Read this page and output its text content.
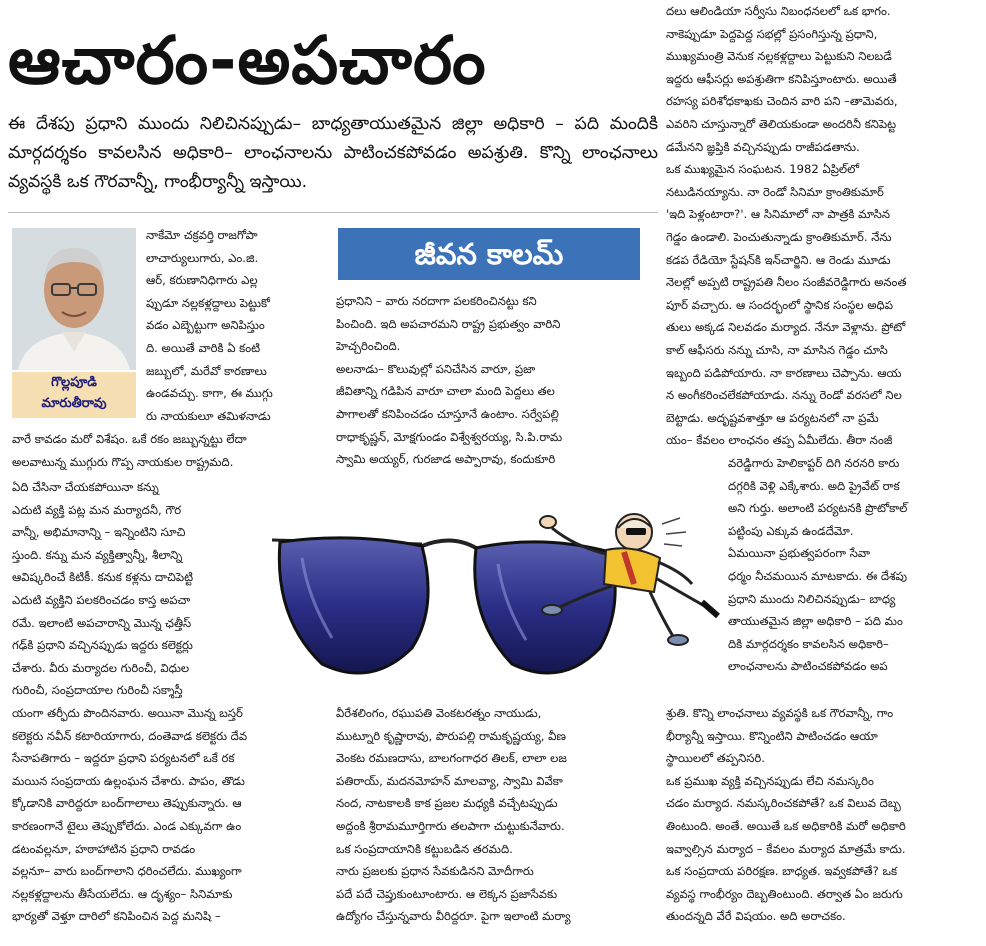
ఆచారం-అపచారం
ఈ దేశపు ప్రధాని ముందు నిలిచినప్పుడు– బాధ్యతాయుతమైన జిల్లా అధికారి – పది మందికి మార్గదర్శకం కావలసిన అధికారి– లాంఛనాలను పాటించకపోవడం అపశ్రుతి. కొన్ని లాంఛనాలు వ్యవస్థకి ఒక గౌరవాన్నీ, గాంభీర్యాన్నీ ఇస్తాయి.
గొల్లపూడి
మారుతీరావు
నాకేమో చక్రవర్తి రాజగోపా
లాచార్యులుగారు, ఎం.జి.
ఆర్‌, కరుణానిధిగారు ఎల్ల
ప్పుడూ నల్లకళ్లద్దాలు పెట్టుకో
వడం ఎబ్బెట్టుగా అనిపిస్తుం
ది. అయితే వారికి ఏ కంటి
జబ్బులో, మరేవో కారణాలు
ఉండవచ్చు. కాగా, ఈ ముగ్గు
రు నాయకులూ తమిళనాడు
వారే కావడం మరో విశేషం. ఒకే రకం జబ్బున్నట్టు లేదా
అలవాటున్న ముగ్గురు గొప్ప నాయకుల రాష్ట్రమది.
ఏది చేసినా చేయకపోయినా కన్ను
ఎదుటి వ్యక్తి పట్ల మన మర్యాదనీ, గౌర
వాన్నీ, అభిమానాన్ని – ఇన్నింటిని సూచి
స్తుంది. కన్ను మన వ్యక్తిత్వాన్నీ, శీలాన్ని
ఆవిష్కరించే కిటికీ. కనుక కళ్లను దాచిపెట్టి
ఎదుటి వ్యక్తిని పలకరించడం కాస్త అపచా
రమే. ఇలాంటి అపచారాన్ని మొన్న ఛత్తీస్‌
గఢ్‌కి ప్రధాని వచ్చినప్పుడు ఇద్దరు కలెక్టర్లు
చేశారు. వీరు మర్యాదల గురించీ, విధుల
గురించీ, సంప్రదాయాల గురించీ సక్శాస్తీ
యంగా తర్ఫీదు పొందినవారు. అయినా మొన్న బస్తర్‌
కలెక్టరు నవీన్ కటారియాగారు, దంతెవాడ కలెక్టరు దేవ
సేనాపతిగారు – ఇద్దరూ ప్రధాని పర్యటనలో ఒకే రక
మయిన సంప్రదాయ ఉల్లంఘన చేశారు. పాపం, తొడు
క్కోడానికి వారిద్దరూ బంద్‌గాలాలు తెప్పుకున్నారు. ఆ
కారణంగానే టైలు తెప్పుకోలేదు. ఎండ ఎక్కువగా ఉం
డటంవల్లనూ, హఠాహాటిన ప్రధాని రావడం
వల్లనూ– వారు బంద్‌గాలాని ధరించలేదు. ముఖ్యంగా
నల్లకళ్లద్దాలను తీసేయలేదు. ఆ దృశ్యం– సినిమాకు
భార్యతో వెళ్తూ దారిలో కనిపించిన పెద్ద మనిషి –
జీవన కాలమ్
ప్రధానిని – వారు నరదాగా పలకరించినట్టు కని
పించింది. ఇది అపచారమని రాష్ట్ర ప్రభుత్వం వారిని
హెచ్చరించింది.
అలనాడు– కొలువుల్లో పనిచేసిన వారూ, ప్రజా
జీవితాన్ని గడిపిన వారూ చాలా మంది పెద్దలు తల
పాగాలతో కనిపించడం చూస్తూనే ఉంటాం. సర్వేపల్లి
రాధాకృష్ణన్‌, మోక్షగుండం విశ్వేశ్వరయ్య, సి.పి.రామ
స్వామి అయ్యర్‌, గురజాడ అప్పారావు, కందుకూరి
వీరేశలింగం, రఘుపతి వెంకటరత్నం నాయుడు,
ముట్నూరి కృష్ణారావు, పొరుపల్లి రామకృష్ణయ్య, వీణ
వెంకట రమణదాసు, బాలగంగాధర తిలక్‌, లాలా లజ
పతిరాయ్‌, మదనమోహన్‌ మాలవ్యా, స్వామి వివేకా
నంద, నాటకాలకి కాక ప్రజల మధ్యకి వచ్చేటప్పుడు
అద్దంకి శ్రీరామమూర్తిగారు తలపాగా చుట్టుకునేవారు.
ఒక సంప్రదాయానికి కట్టుబడిన తరమది.
నారు ప్రజలకు ప్రధాన సేవకుడినని మోదీగారు
పదే పదే చెప్తుకుంటూంటారు. ఆ లెక్కన ప్రజాసేవకు
ఉద్యోగం చేస్తున్నవారు వీరిద్దరూ. పైగా ఇలాంటి మర్యా
దలు ఆలిండియా సర్వీసు నిబంధనలలో ఒక భాగం.
నాకెప్పుడూ పెద్దపెద్ద సభల్లో ప్రసంగిస్తున్న ప్రధాని,
ముఖ్యమంత్రి వెనుక నల్లకళ్లద్దాలు పెట్టుకుని నిలబడే
ఇద్దరు ఆఫీసర్లు అపశ్రుతిగా కనిపిస్తూంటారు. అయితే
రహస్య పరిశోధకాఖకు చెందిన వారి పని –తామెవరు,
ఎవరిని చూస్తున్నారో తెలియకుండా అందరినీ కనిపెట్ట
డమేనని జ్ఞప్తికి వచ్చినప్పుడు రాజీపడతాను.
ఒక ముఖ్యమైన సంఘటన. 1982 ఏప్రిల్‌లో
నటుడినయ్యాను. నా రెండో సినిమా క్రాంతికుమార్‌
'ఇది పెళ్లంటారా?'. ఆ సినిమాలో నా పాత్రకి మాసిన
గెడ్డం ఉండాలి. పెంచుతున్నాడు క్రాంతికుమార్‌. నేను
కడప రేడియో స్టేషన్‌కి ఇన్‌చార్జిని. ఆ రెండు మూడు
నెలల్లో అప్పటి రాష్ట్రపతి నీలం సంజీవరెడ్డిగారు అనంత
పూర్ వచ్చారు. ఆ సందర్భంలో స్థానిక సంస్థల అధిప
తులు అక్కడ నిలవడం మర్యాద. నేనూ వెళ్లాను. ప్రోటో
కాల్ ఆఫీసరు నన్ను చూసి, నా మాసిన గెడ్డం చూసి
ఇబ్బంది పడిపోయారు. నా కారణాలు చెప్పాను. ఆయ
న అంగీకరించలేకపోయాడు. నన్ను రెండో వరసలో నిల
బెట్టాడు. అదృష్టవశాత్తూ ఆ పర్యటనలో నా ప్రమే
యం– కేవలం లాంఛనం తప్ప ఏమీలేదు. తీరా నంజీ
వరెడ్డిగారు హెలికాప్టర్‌ దిగి నరనరి కారు
దగ్గరికి వెళ్లి ఎక్కేశారు. అది ప్రైవేట్‌ రాక
అని గుర్తు. అలాంటి పర్యటనకి ప్రొటోకాల్‌
పట్టింపు ఎక్కువ ఉండదేమో.
ఏమయినా ప్రభుత్వపరంగా సేవా
ధర్మం నీచమయిన మాటకాదు. ఈ దేశపు
ప్రధాని ముందు నిలిచినప్పుడు– బాధ్య
తాయుతమైన జిల్లా అధికారి – పది మం
దికి మార్గదర్శకం కావలసిన అధికారి–
లాంఛనాలను పాటించకపోవడం అప
శ్రుతి. కొన్ని లాంఛనాలు వ్యవస్థకి ఒక గౌరవాన్నీ, గాం
భీర్యాన్నీ ఇస్తాయి. కొన్నింటిని పాటించడం ఆయా
స్థాయిలలో తప్పనిసరి.
ఒక ప్రముఖ వ్యక్తి వచ్చినప్పుడు లేచి నమస్కరిం
చడం మర్యాద. నమస్కరించకపోతే? ఒక విలువ దెబ్బ
తింటుంది. అంతే. అయితే ఒక అధికారికి మరో అధికారి
ఇవ్వాల్సిన మర్యాద – కేవలం మర్యాద మాత్రమే కాదు.
ఒక సంప్రదాయ పరిరక్షణ. బాధ్యత. ఇవ్వకపోతే? ఒక
వ్యవస్థ గాంభీర్యం దెబ్బతింటుంది. తర్వాత ఏం జరుగు
తుందన్నది వేరే విషయం. అది అరాచకం.
